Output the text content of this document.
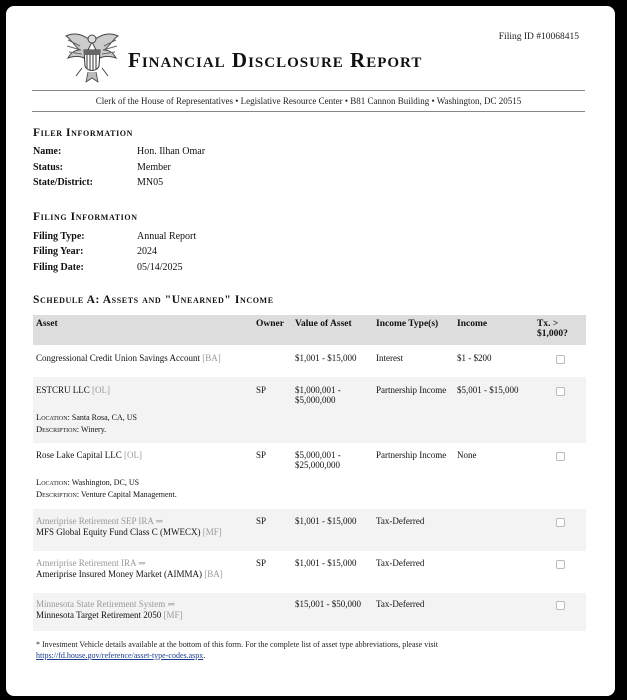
Filing ID #10068415
Financial Disclosure Report
Clerk of the House of Representatives • Legislative Resource Center • B81 Cannon Building • Washington, DC 20515
Filer Information
Name:	Hon. Ilhan Omar
Status:	Member
State/District:	MN05
Filing Information
Filing Type:	Annual Report
Filing Year:	2024
Filing Date:	05/14/2025
Schedule A: Assets and "Unearned" Income
Asset	Owner	Value of Asset	Income Type(s)	Income	Tx. > $1,000?
Congressional Credit Union Savings Account [BA]		$1,001 - $15,000	Interest	$1 - $200	

ESTCRU LLC [OL]
Location: Santa Rosa, CA, US
Description: Winery.	SP	$1,000,001 - $5,000,000	Partnership Income	$5,001 - $15,000	

Rose Lake Capital LLC [OL]
Location: Washington, DC, US
Description: Venture Capital Management.	SP	$5,000,001 - $25,000,000	Partnership Income	None	

Ameriprise Retirement SEP IRA ⇒
MFS Global Equity Fund Class C (MWECX) [MF]	SP	$1,001 - $15,000	Tax-Deferred		

Ameriprise Retirement IRA ⇒
Ameriprise Insured Money Market (AIMMA) [BA]	SP	$1,001 - $15,000	Tax-Deferred		

Minnesota State Retirement System ⇒
Minnesota Target Retirement 2050 [MF]		$15,001 - $50,000	Tax-Deferred		
* Investment Vehicle details available at the bottom of this form. For the complete list of asset type abbreviations, please visit
https://fd.house.gov/reference/asset-type-codes.aspx.
